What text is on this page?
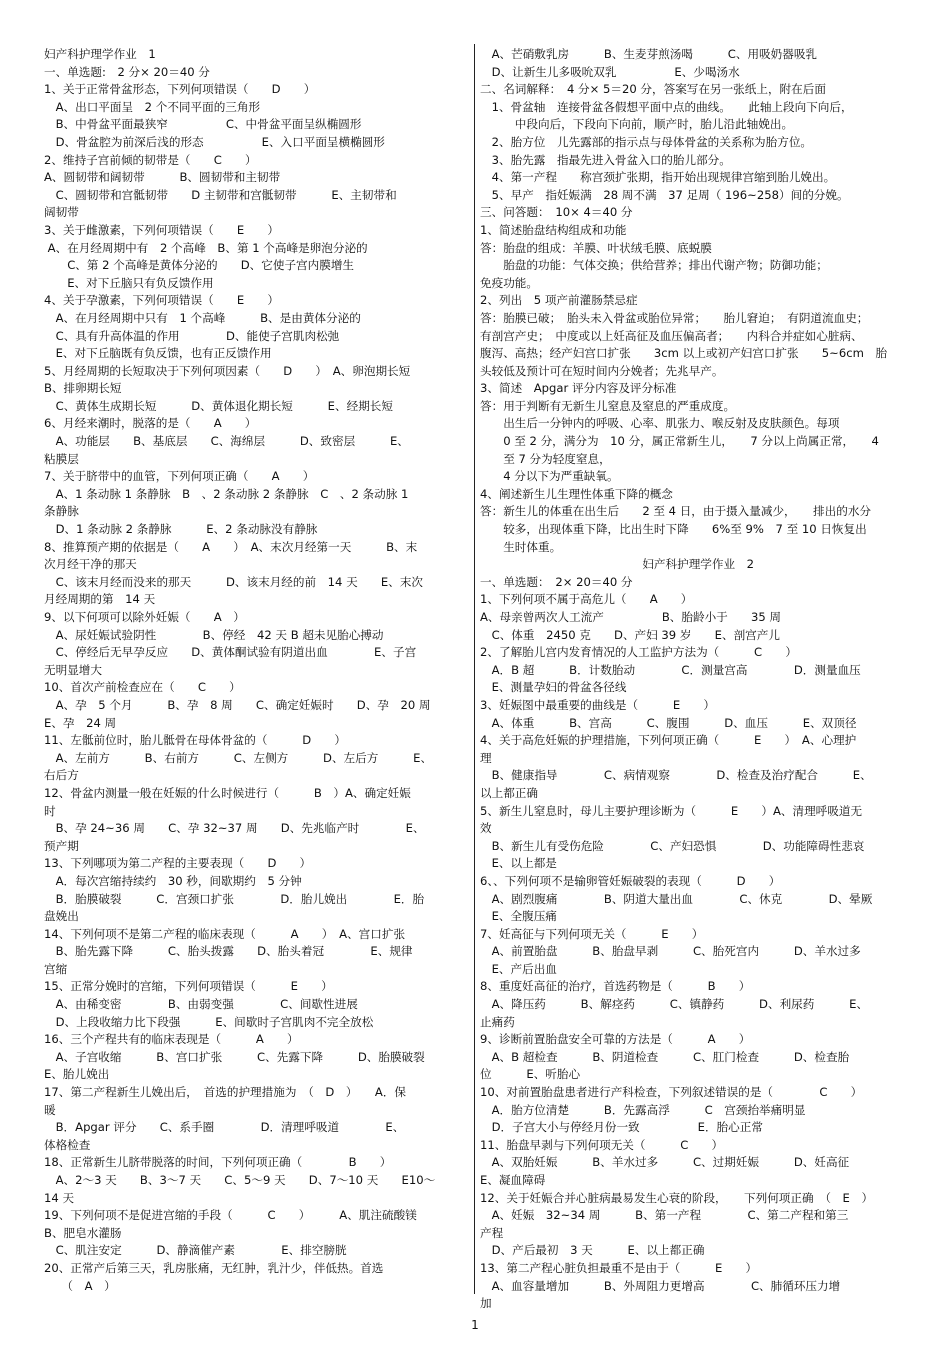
妇产科护理学作业　1
一、单选题:　2 分× 20＝40 分
1、关于正常骨盆形态，下列何项错误（　　D　　）
　A、出口平面呈　2 个不同平面的三角形
　B、中骨盆平面最狭窄　　　　　C、中骨盆平面呈纵椭圆形
　D、骨盆腔为前深后浅的形态　　　　　E、入口平面呈横椭圆形
2、维持子宫前倾的韧带是（　　C　　）
A、圆韧带和阔韧带　　　B、圆韧带和主韧带
　C、圆韧带和宫骶韧带　　D 主韧带和宫骶韧带　　　E、主韧带和
阔韧带
3、关于雌激素，下列何项错误（　　E　　）
A、在月经周期中有　2 个高峰　B、第 1 个高峰是卵泡分泌的
　　C、第 2 个高峰是黄体分泌的　　D、它使子宫内膜增生
　　E、对下丘脑只有负反馈作用
4、关于孕激素，下列何项错误（　　E　　）
　A、在月经周期中只有　1 个高峰　　　B、是由黄体分泌的
　C、具有升高体温的作用　　　　D、能使子宫肌肉松弛
　E、对下丘脑既有负反馈，也有正反馈作用
5、月经周期的长短取决于下列何项因素（　　D　　）　A、卵泡期长短
B、排卵期长短
　C、黄体生成期长短　　　D、黄体退化期长短　　　E、经期长短
6、月经来潮时，脱落的是（　　A　　）
　A、功能层　　B、基底层　　C、海绵层　　　D、致密层　　　E、
粘膜层
7、关于脐带中的血管，下列何项正确（　　A　　）
　A、1 条动脉 1 条静脉　B　、2 条动脉 2 条静脉　C　、2 条动脉 1
条静脉
　D、1 条动脉 2 条静脉　　　E、2 条动脉没有静脉
8、推算预产期的依据是（　　A　　）　A、末次月经第一天　　　B、末
次月经干净的那天
　C、该末月经而没来的那天　　　D、该末月经的前　14 天　　E、末次
月经周期的第　14 天
9、以下何项可以除外妊娠（　　A　）
　A、尿妊娠试验阴性　　　　B、停经　42 天 B 超未见胎心搏动
　C、停经后无早孕反应　　D、黄体酮试验有阴道出血　　　　E、子宫
无明显增大
10、首次产前检查应在（　　C　　）
　A、孕　5 个月　　　B、孕　8 周　　C、确定妊娠时　　D、孕　20 周
E、孕　24 周
11、左骶前位时，胎儿骶骨在母体骨盆的（　　　D　　）
　A、左前方　　　B、右前方　　　C、左侧方　　　D、左后方　　　E、
右后方
12、骨盆内测量一般在妊娠的什么时候进行（　　　B　）A、确定妊娠
时
　B、孕 24~36 周　　C、孕 32~37 周　　D、先兆临产时　　　　E、
预产期
13、下列哪项为第二产程的主要表现（　　D　　）
　A．每次宫缩持续约　30 秒，间歇期约　5 分钟
　B．胎膜破裂　　　C．宫颈口扩张　　　　D．胎儿娩出　　　　E．胎
盘娩出
14、下列何项不是第二产程的临床表现（　　　A　　）　A、宫口扩张
　B、胎先露下降　　　C、胎头拨露　　D、胎头着冠　　　　E、规律
宫缩
15、正常分娩时的宫缩，下列何项错误（　　　E　　）
　A、由稀变密　　　　B、由弱变强　　　　C、间歇性进展
　D、上段收缩力比下段强　　　E、间歇时子宫肌肉不完全放松
16、三个产程共有的临床表现是（　　　A　　）
　A、子宫收缩　　　B、宫口扩张　　　C、先露下降　　　D、胎膜破裂
E、胎儿娩出
17、第二产程新生儿娩出后，　首选的护理措施为　（　D　）　　A．保
暖
　B．Apgar 评分　　C、系手圈　　　　D．清理呼吸道　　　　E、
体格检查
18、正常新生儿脐带脱落的时间，下列何项正确（　　　　B　　）
　A、2～3 天　　B、3～7 天　　C、5～9 天　　D、7～10 天　　E10～
14 天
19、下列何项不是促进宫缩的手段（　　　C　　）　　　A、肌注硫酸镁
B、肥皂水灌肠
　C、肌注安定　　　D、静滴催产素　　　　E、排空膀胱
20、正常产后第三天，乳房胀痛，无红肿，乳汁少，伴低热。首选
　　（　A　）
　A、芒硝敷乳房　　　B、生麦芽煎汤喝　　　C、用吸奶器吸乳
　D、让新生儿多吸吮双乳　　　　　E、少喝汤水
二、名词解释：　4 分× 5＝20 分，答案写在另一张纸上，附在后面
　1、骨盆轴　连接骨盆各假想平面中点的曲线。　　此轴上段向下向后，
　　　中段向后，下段向下向前，顺产时，胎儿沿此轴娩出。
　2、胎方位　儿先露部的指示点与母体骨盆的关系称为胎方位。
　3、胎先露　指最先进入骨盆入口的胎儿部分。
　4、第一产程　　称宫颈扩张期，指开始出现规律宫缩到胎儿娩出。
　5、早产　指妊娠满　28 周不满　37 足周（ 196~258）间的分娩。
三、问答题：　10× 4＝40 分
1、简述胎盘结构组成和功能
答：胎盘的组成：羊膜、叶状绒毛膜、底蜕膜
　　胎盘的功能：气体交换；供给营养；排出代谢产物；防御功能；
免疫功能。
2、列出　5 项产前灌肠禁忌症
答：胎膜已破；　胎头未入骨盆或胎位异常；　　胎儿窘迫；　有阴道流血史；
有剖宫产史；　中度或以上妊高征及血压偏高者；　　内科合并症如心脏病、
腹泻、高热；经产妇宫口扩张　　3cm 以上或初产妇宫口扩张　　5~6cm　胎
头较低及预计可在短时间内分娩者；先兆早产。
3、简述　Apgar 评分内容及评分标准
答：用于判断有无新生儿窒息及窒息的严重成度。
　　出生后一分钟内的呼吸、心率、肌张力、喉反射及皮肤颜色。每项
　　0 至 2 分，满分为　10 分，属正常新生儿，　　7 分以上尚属正常，　　4
　　至 7 分为轻度窒息，
　　4 分以下为严重缺氧。
4、阐述新生儿生理性体重下降的概念
答：新生儿的体重在出生后　　2 至 4 日，由于摄入量减少，　　排出的水分
　　较多，出现体重下降，比出生时下降　　6%至 9%　7 至 10 日恢复出
　　生时体重。
　　　　　　　　　　　　　　妇产科护理学作业　2
一、单选题：　2× 20＝40 分
1、下列何项不属于高危儿（　　A　　）
A、母亲曾两次人工流产　　　　　B、胎龄小于　　35 周
　C、体重　2450 克　　D、产妇 39 岁　　E、剖宫产儿
2、了解胎儿宫内发育情况的人工监护方法为（　　　C　　）
　A．B 超　　　B．计数胎动　　　　C．测量宫高　　　　D．测量血压
　E、测量孕妇的骨盆各径线
3、妊娠图中最重要的曲线是（　　　E　　）
　A、体重　　　B、宫高　　　C、腹围　　　D、血压　　　E、双顶径
4、关于高危妊娠的护理措施，下列何项正确（　　　E　　）　A、心理护
理
　B、健康指导　　　　C、病情观察　　　　D、检查及治疗配合　　　E、
以上都正确
5、新生儿窒息时，母儿主要护理诊断为（　　　E　　）A、清理呼吸道无
效
　B、新生儿有受伤危险　　　　C、产妇恐惧　　　　D、功能障碍性悲哀
　E、以上都是
6、、下列何项不是输卵管妊娠破裂的表现（　　　D　　）
　A、剧烈腹痛　　　　B、阴道大量出血　　　　C、休克　　　　D、晕厥
　E、全腹压痛
7、妊高征与下列何项无关（　　　E　　）
　A、前置胎盘　　　B、胎盘早剥　　　C、胎死宫内　　　D、羊水过多
　E、产后出血
8、重度妊高征的治疗，首选药物是（　　　B　　）
　A、降压药　　　B、解痉药　　　C、镇静药　　　D、利尿药　　　E、
止痛药
9、诊断前置胎盘安全可靠的方法是（　　　A　　）
　A、B 超检查　　　B、阴道检查　　　C、肛门检查　　　D、检查胎
位　　　E、听胎心
10、对前置胎盘患者进行产科检查，下列叙述错误的是（　　　　C　　）
　A．胎方位清楚　　　B．先露高浮　　　C　宫颈抬举痛明显
　D．子宫大小与停经月份一致　　　　　E．胎心正常
11、胎盘早剥与下列何项无关（　　　C　　）
　A、双胎妊娠　　　B、羊水过多　　　C、过期妊娠　　　D、妊高征
E、凝血障碍
12、关于妊娠合并心脏病最易发生心衰的阶段，　　下列何项正确　（　E　）
　A、妊娠　32~34 周　　　B、第一产程　　　　C、第二产程和第三
产程
　D、产后最初　3 天　　　E、以上都正确
13、第二产程心脏负担最重不是由于（　　　E　　）
　A、血容量增加　　　B、外周阻力更增高　　　　C、肺循环压力增
加
1
